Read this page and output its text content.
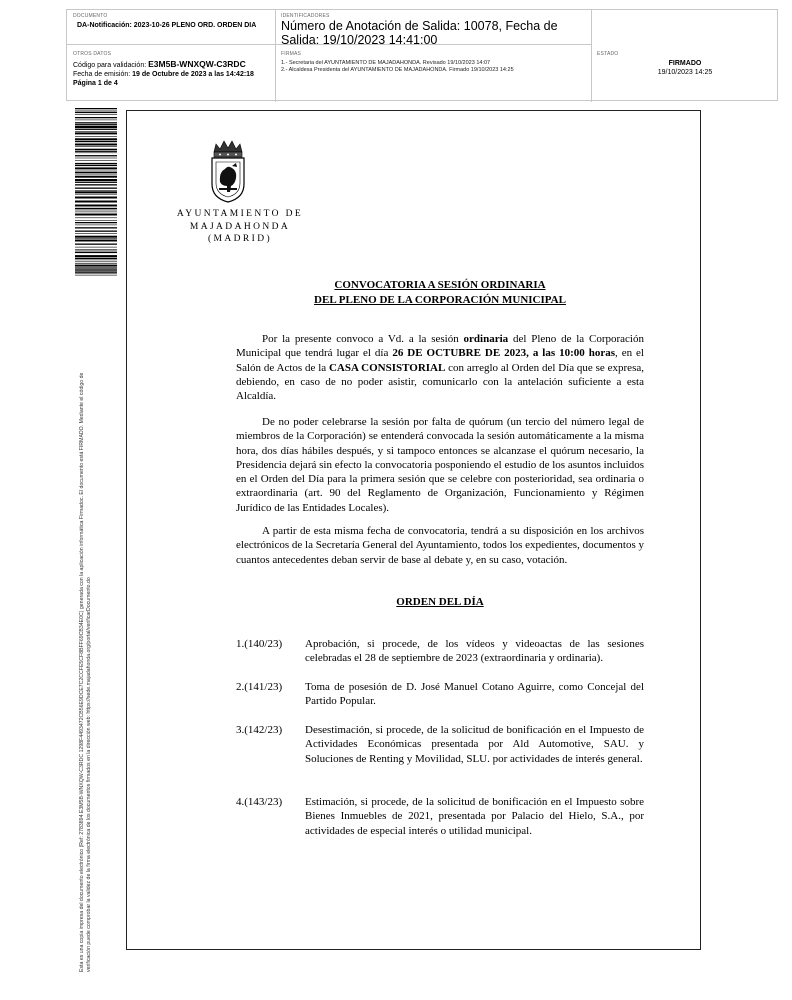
DOCUMENTO
DA-Notificación: 2023-10-26 PLENO ORD. ORDEN DIA
IDENTIFICADORES
Número de Anotación de Salida: 10078, Fecha de Salida: 19/10/2023 14:41:00
OTROS DATOS
Código para validación: E3M5B-WNXQW-C3RDC
Fecha de emisión: 19 de Octubre de 2023 a las 14:42:18
Página 1 de 4
FIRMAS
1.- Secretaria del AYUNTAMIENTO DE MAJADAHONDA. Revisado 19/10/2023 14:07
2.- Alcaldesa Presidenta del AYUNTAMIENTO DE MAJADAHONDA. Firmado 19/10/2023 14:25
ESTADO
FIRMADO
19/10/2023 14:25
Esta es una copia impresa del documento electrónico (Ref: 2783894 E3M5B-WNXQW-C3RDC 1298F4493472CB56E9DCE7C2CCFE5CF8BFF69CB34E0C) generada con la aplicación informática Firmadoc. El documento está FIRMADO. Mediante el código de verificación puede comprobar la validez de la firma electrónica de los documentos firmados en la dirección web: https://sede.majadahonda.org/portal/verificarDocumento.do
AYUNTAMIENTO DE
MAJADAHONDA
(MADRID)
CONVOCATORIA A SESIÓN ORDINARIA
DEL PLENO DE LA CORPORACIÓN MUNICIPAL

Por la presente convoco a Vd. a la sesión ordinaria del Pleno de la Corporación Municipal que tendrá lugar el día 26 DE OCTUBRE DE 2023, a las 10:00 horas, en el Salón de Actos de la CASA CONSISTORIAL con arreglo al Orden del Día que se expresa, debiendo, en caso de no poder asistir, comunicarlo con la antelación suficiente a esta Alcaldía.

De no poder celebrarse la sesión por falta de quórum (un tercio del número legal de miembros de la Corporación) se entenderá convocada la sesión automáticamente a la misma hora, dos días hábiles después, y si tampoco entonces se alcanzase el quórum necesario, la Presidencia dejará sin efecto la convocatoria posponiendo el estudio de los asuntos incluidos en el Orden del Día para la primera sesión que se celebre con posterioridad, sea ordinaria o extraordinaria (art. 90 del Reglamento de Organización, Funcionamiento y Régimen Jurídico de las Entidades Locales).

A partir de esta misma fecha de convocatoria, tendrá a su disposición en los archivos electrónicos de la Secretaría General del Ayuntamiento, todos los expedientes, documentos y cuantos antecedentes deban servir de base al debate y, en su caso, votación.

ORDEN DEL DÍA
1.(140/23) Aprobación, si procede, de los vídeos y videoactas de las sesiones celebradas el 28 de septiembre de 2023 (extraordinaria y ordinaria).

2.(141/23) Toma de posesión de D. José Manuel Cotano Aguirre, como Concejal del Partido Popular.

3.(142/23) Desestimación, si procede, de la solicitud de bonificación en el Impuesto de Actividades Económicas presentada por Ald Automotive, SAU. y Soluciones de Renting y Movilidad, SLU. por actividades de interés general.

4.(143/23) Estimación, si procede, de la solicitud de bonificación en el Impuesto sobre Bienes Inmuebles de 2021, presentada por Palacio del Hielo, S.A., por actividades de especial interés o utilidad municipal.
